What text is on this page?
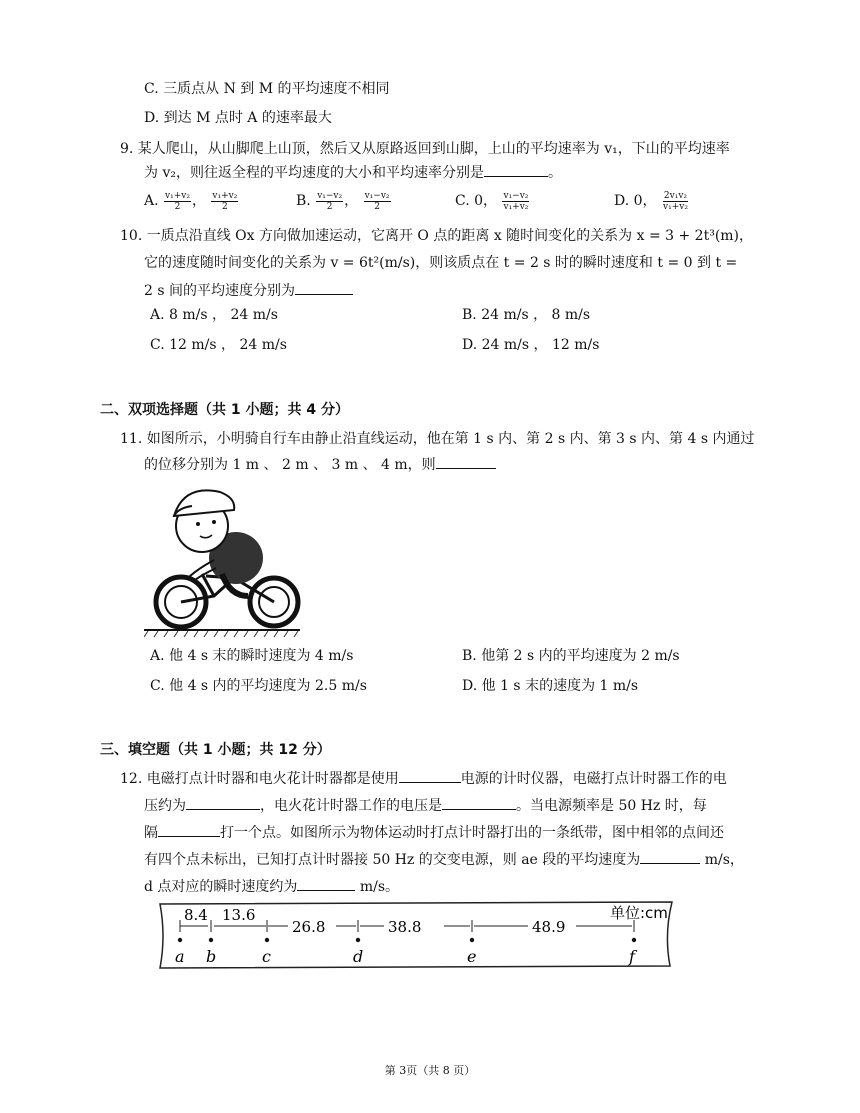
C. 三质点从 N 到 M 的平均速度不相同
D. 到达 M 点时 A 的速率最大
9. 某人爬山，从山脚爬上山顶，然后又从原路返回到山脚，上山的平均速率为 v₁，下山的平均速率
为 v₂，则往返全程的平均速度的大小和平均速率分别是	。
A. $\frac{\text{v₁+v₂}}{2}$ ， $\frac{\text{v₁+v₂}}{2}$	B. $\frac{\text{v₁−v₂}}{2}$ ， $\frac{\text{v₁−v₂}}{2}$	C. 0， $\frac{\text{v₁−v₂}}{\text{v₁+v₂}}$	D. 0， $\frac{\text{2v₁v₂}}{\text{v₁+v₂}}$
10. 一质点沿直线 Ox 方向做加速运动，它离开 O 点的距离 x 随时间变化的关系为 x = 3 + 2t³(m)，
它的速度随时间变化的关系为 v = 6t²(m/s)，则该质点在 t = 2 s 时的瞬时速度和 t = 0 到 t =
2 s 间的平均速度分别为
A. 8 m/s ， 24 m/s	B. 24 m/s ， 8 m/s
C. 12 m/s ， 24 m/s	D. 24 m/s ， 12 m/s
二、双项选择题（共 1 小题；共 4 分）
11. 如图所示，小明骑自行车由静止沿直线运动，他在第 1 s 内、第 2 s 内、第 3 s 内、第 4 s 内通过
的位移分别为 1 m 、 2 m 、 3 m 、 4 m，则
A. 他 4 s 末的瞬时速度为 4 m/s	B. 他第 2 s 内的平均速度为 2 m/s
C. 他 4 s 内的平均速度为 2.5 m/s	D. 他 1 s 末的速度为 1 m/s
三、填空题（共 1 小题；共 12 分）
12. 电磁打点计时器和电火花计时器都是使用	电源的计时仪器，电磁打点计时器工作的电
压约为	，电火花计时器工作的电压是	。当电源频率是 50 Hz 时，每
隔	打一个点。如图所示为物体运动时打点计时器打出的一条纸带，图中相邻的点间还
有四个点未标出，已知打点计时器接 50 Hz 的交变电源，则 ae 段的平均速度为	m/s，
d 点对应的瞬时速度约为	m/s。
单位:cm
8.4 13.6
26.8	38.8	48.9
a b	c	d	e	f
第 3页（共 8 页）
